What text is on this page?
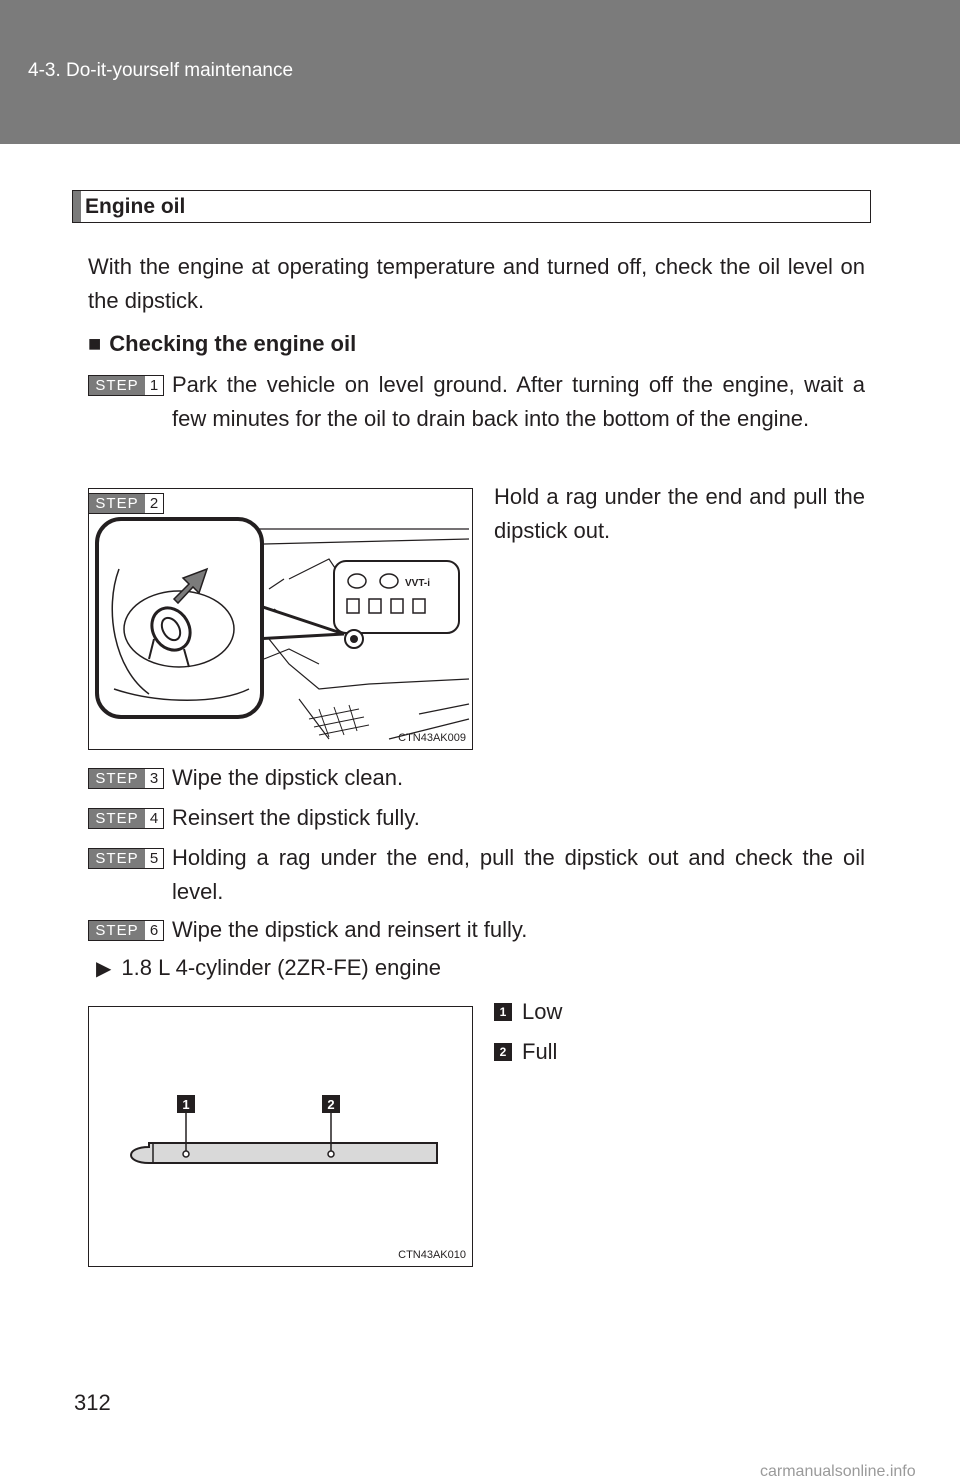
4-3. Do-it-yourself maintenance
Engine oil
With the engine at operating temperature and turned off, check the oil level on the dipstick.
■ Checking the engine oil
STEP 1 Park the vehicle on level ground. After turning off the engine, wait a few minutes for the oil to drain back into the bottom of the engine.
VVT-i
CTN43AK009
STEP 2	Hold a rag under the end and pull the dipstick out.
STEP 3 Wipe the dipstick clean.
STEP 4 Reinsert the dipstick fully.
STEP 5 Holding a rag under the end, pull the dipstick out and check the oil level.
STEP 6 Wipe the dipstick and reinsert it fully.
▶ 1.8 L 4-cylinder (2ZR-FE) engine
1 Low
2 Full
1	2
CTN43AK010
312
carmanualsonline.info
